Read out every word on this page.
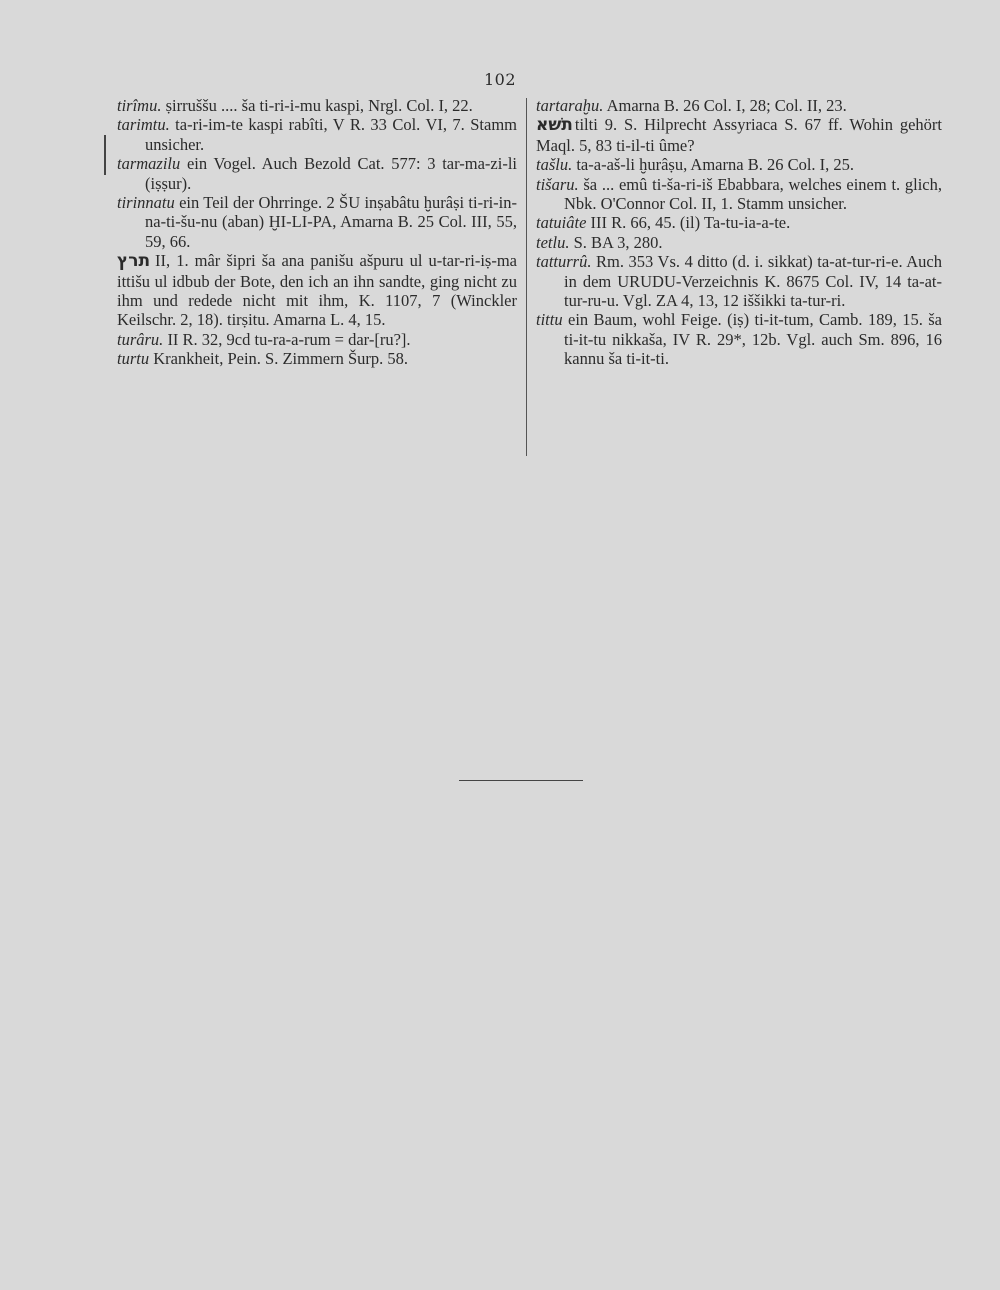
102

tirîmu. ṣirruššu .... ša ti-ri-i-mu kaspi, Nrgl. Col. I, 22.

tarimtu. ta-ri-im-te kaspi rabîti, V R. 33 Col. VI, 7. Stamm unsicher.

tarmazilu ein Vogel. Auch Bezold Cat. 577: 3 tar-ma-zi-li (iṣṣur).

tirinnatu ein Teil der Ohrringe. 2 ŠU inṣabâtu ḫurâṣi ti-ri-in-na-ti-šu-nu (aban) ḪI-LI-PA, Amarna B. 25 Col. III, 55, 59, 66.

תרץ II, 1. mâr šipri ša ana panišu ašpuru ul u-tar-ri-iṣ-ma ittišu ul idbub der Bote, den ich an ihn sandte, ging nicht zu ihm und redede nicht mit ihm, K. 1107, 7 (Winckler Keilschr. 2, 18). tirṣitu. Amarna L. 4, 15.

turâru. II R. 32, 9cd tu-ra-a-rum = dar-[ru?].

turtu Krankheit, Pein. S. Zimmern Šurp. 58.

tartaraḫu. Amarna B. 26 Col. I, 28; Col. II, 23.

תשׁא tilti 9. S. Hilprecht Assyriaca S. 67 ff. Wohin gehört Maql. 5, 83 ti-il-ti ûme?

tašlu. ta-a-aš-li ḫurâṣu, Amarna B. 26 Col. I, 25.

tišaru. ša ... emû ti-ša-ri-iš Ebabbara, welches einem t. glich, Nbk. O'Connor Col. II, 1. Stamm unsicher.

tatuiâte III R. 66, 45. (il) Ta-tu-ia-a-te.

tetlu. S. BA 3, 280.

tatturrû. Rm. 353 Vs. 4 ditto (d. i. sikkat) ta-at-tur-ri-e. Auch in dem URUDU-Verzeichnis K. 8675 Col. IV, 14 ta-at-tur-ru-u. Vgl. ZA 4, 13, 12 iššikki ta-tur-ri.

tittu ein Baum, wohl Feige. (iṣ) ti-it-tum, Camb. 189, 15. ša ti-it-tu nikkaša, IV R. 29*, 12b. Vgl. auch Sm. 896, 16 kannu ša ti-it-ti.
